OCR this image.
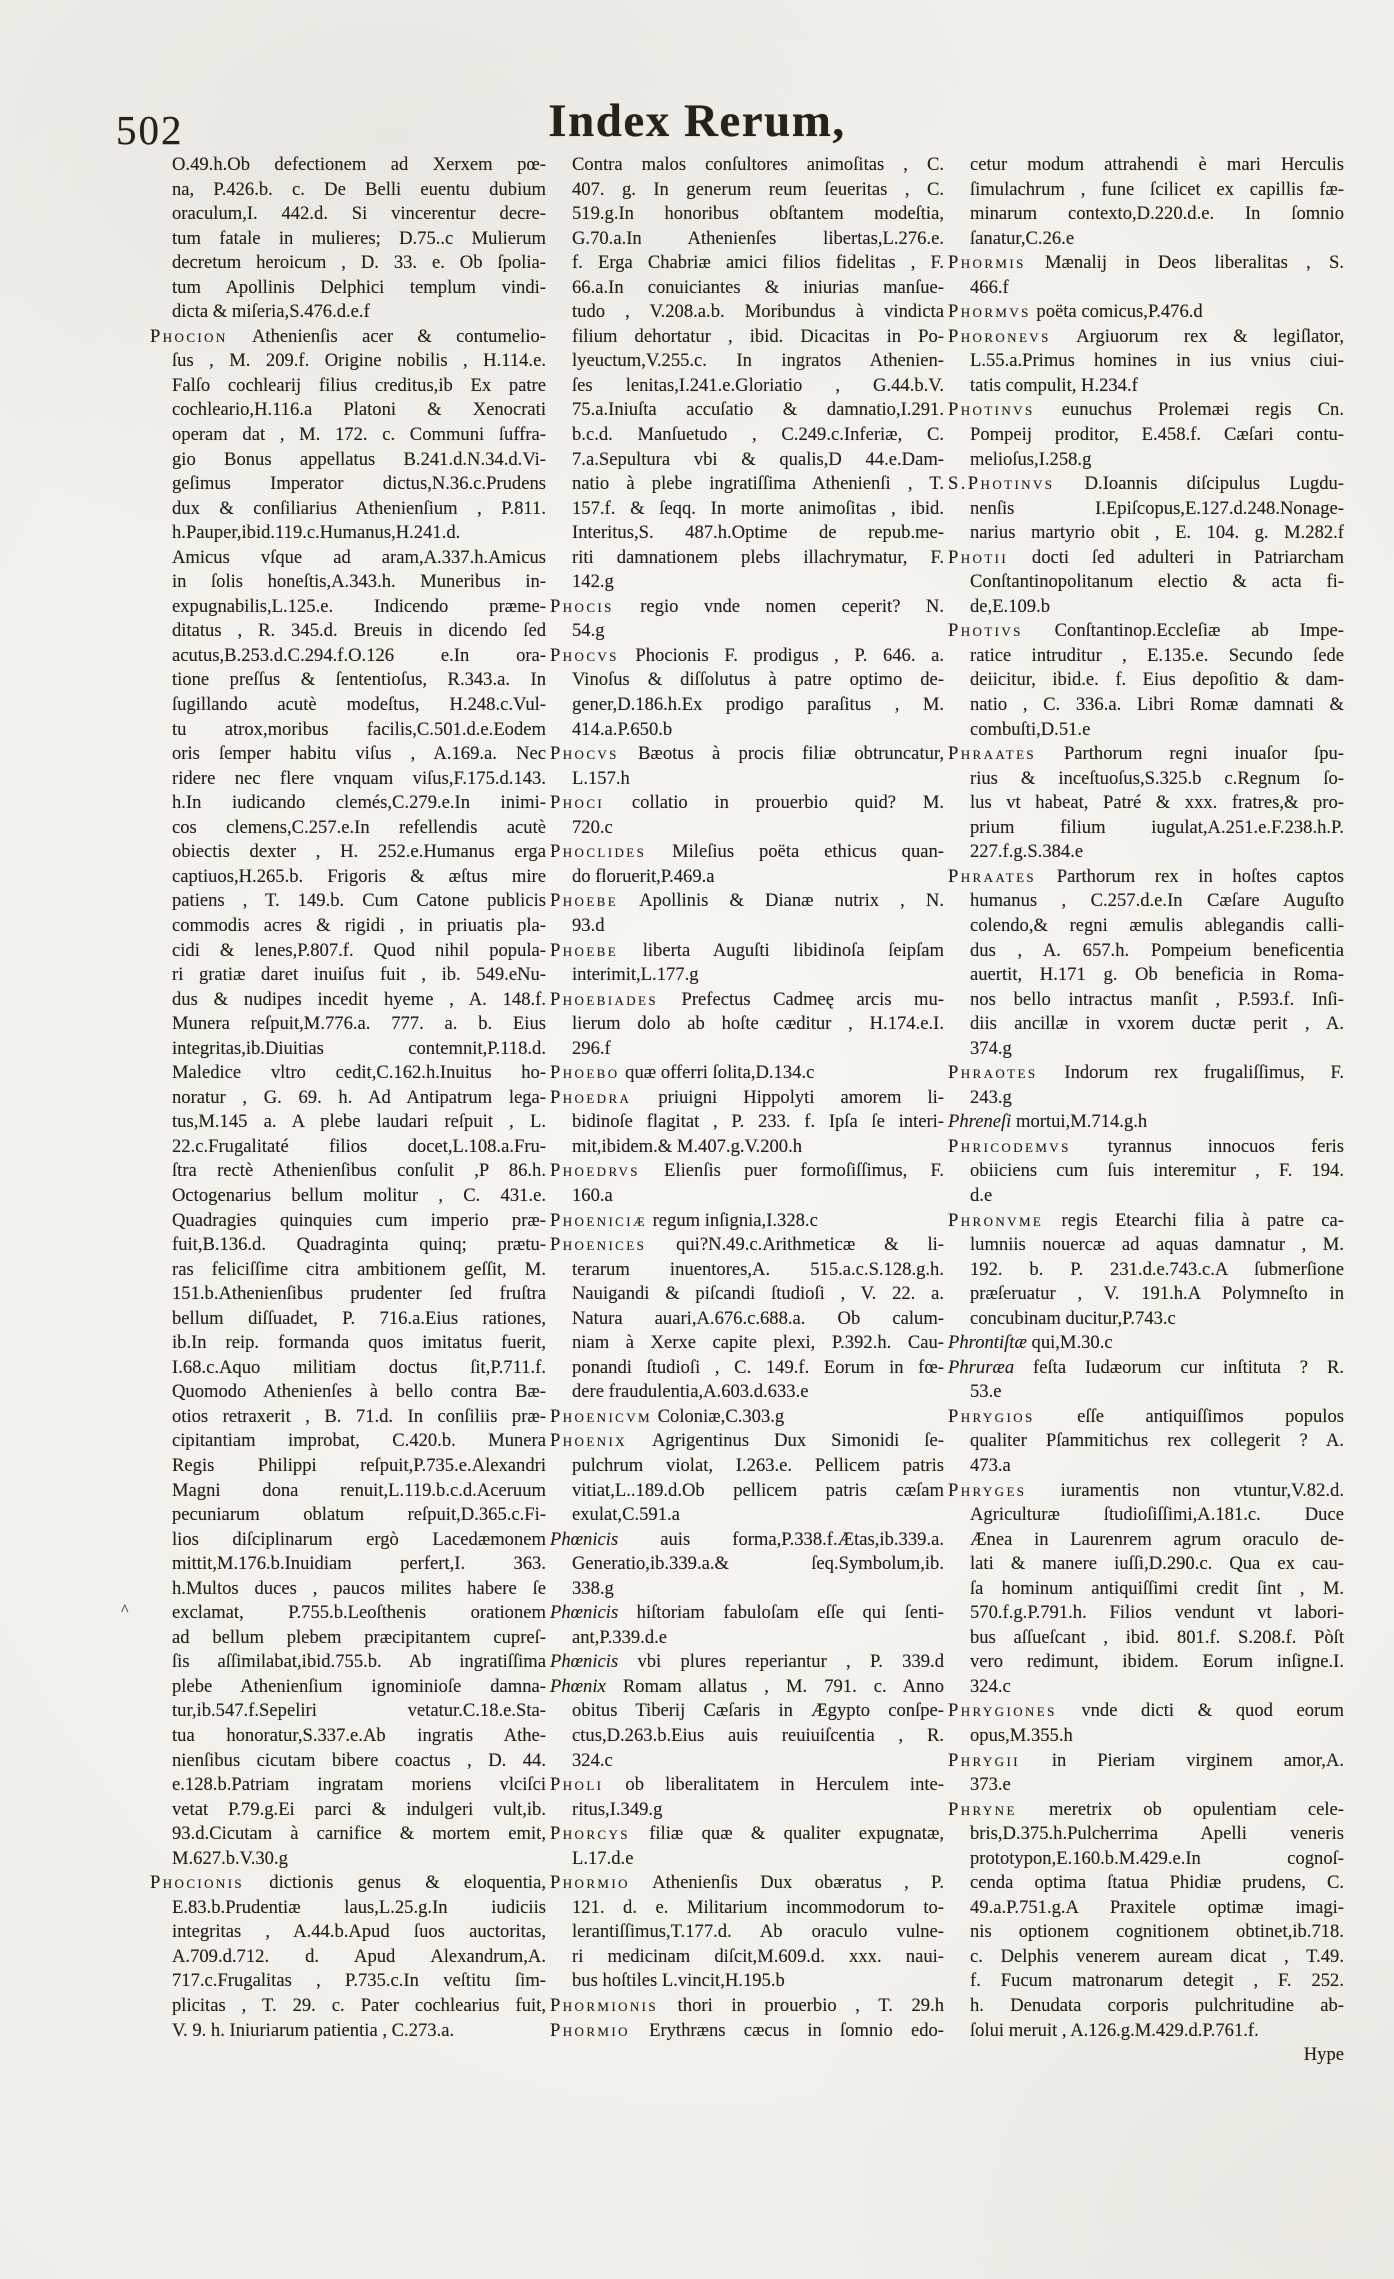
502	Index Rerum,
O.49.h.Ob defectionem ad Xerxem pœ-
na, P.426.b. c. De Belli euentu dubium
oraculum,I. 442.d. Si vincerentur decre-
tum fatale in mulieres; D.75..c Mulierum
decretum heroicum , D. 33. e. Ob ſpolia-
tum Apollinis Delphici templum vindi-
dicta & miſeria,S.476.d.e.f
Phocion Athenienſis acer & contumelio-
ſus , M. 209.f. Origine nobilis , H.114.e.
Falſo cochlearij filius creditus,ib Ex patre
cochleario,H.116.a Platoni & Xenocrati
operam dat , M. 172. c. Communi ſuffra-
gio Bonus appellatus B.241.d.N.34.d.Vi-
geſimus Imperator dictus,N.36.c.Prudens
dux & conſiliarius Athenienſium , P.811.
h.Pauper,ibid.119.c.Humanus,H.241.d.
Amicus vſque ad aram,A.337.h.Amicus
in ſolis honeſtis,A.343.h. Muneribus in-
expugnabilis,L.125.e. Indicendo præme-
ditatus , R. 345.d. Breuis in dicendo ſed
acutus,B.253.d.C.294.f.O.126 e.In ora-
tione preſſus & ſententioſus, R.343.a. In
ſugillando acutè modeſtus, H.248.c.Vul-
tu atrox,moribus facilis,C.501.d.e.Eodem
oris ſemper habitu viſus , A.169.a. Nec
ridere nec flere vnquam viſus,F.175.d.143.
h.In iudicando clemés,C.279.e.In inimi-
cos clemens,C.257.e.In refellendis acutè
obiectis dexter , H. 252.e.Humanus erga
captiuos,H.265.b. Frigoris & æſtus mire
patiens , T. 149.b. Cum Catone publicis
commodis acres & rigidi , in priuatis pla-
cidi & lenes,P.807.f. Quod nihil popula-
ri gratiæ daret inuiſus fuit , ib. 549.eNu-
dus & nudipes incedit hyeme , A. 148.f.
Munera reſpuit,M.776.a. 777. a. b. Eius
integritas,ib.Diuitias contemnit,P.118.d.
Maledice vltro cedit,C.162.h.Inuitus ho-
noratur , G. 69. h. Ad Antipatrum lega-
tus,M.145 a. A plebe laudari reſpuit , L.
22.c.Frugalitaté filios docet,L.108.a.Fru-
ſtra rectè Athenienſibus conſulit ,P 86.h.
Octogenarius bellum molitur , C. 431.e.
Quadragies quinquies cum imperio præ-
fuit,B.136.d. Quadraginta quinq; prætu-
ras feliciſſime citra ambitionem geſſit, M.
151.b.Athenienſibus prudenter ſed fruſtra
bellum diſſuadet, P. 716.a.Eius rationes,
ib.In reip. formanda quos imitatus fuerit,
I.68.c.Aquo militiam doctus ſit,P.711.f.
Quomodo Athenienſes à bello contra Bæ-
otios retraxerit , B. 71.d. In conſiliis præ-
cipitantiam improbat, C.420.b. Munera
Regis Philippi reſpuit,P.735.e.Alexandri
Magni dona renuit,L.119.b.c.d.Aceruum
pecuniarum oblatum reſpuit,D.365.c.Fi-
lios diſciplinarum ergò Lacedæmonem
mittit,M.176.b.Inuidiam perfert,I. 363.
h.Multos duces , paucos milites habere ſe
^ exclamat, P.755.b.Leoſthenis orationem
ad bellum plebem præcipitantem cupreſ-
ſis aſſimilabat,ibid.755.b. Ab ingratiſſima
plebe Athenienſium ignominioſe damna-
tur,ib.547.f.Sepeliri vetatur.C.18.e.Sta-
tua honoratur,S.337.e.Ab ingratis Athe-
nienſibus cicutam bibere coactus , D. 44.
e.128.b.Patriam ingratam moriens vlciſci
vetat P.79.g.Ei parci & indulgeri vult,ib.
93.d.Cicutam à carnifice & mortem emit,
M.627.b.V.30.g
Phocionis dictionis genus & eloquentia,
E.83.b.Prudentiæ laus,L.25.g.In iudiciis
integritas , A.44.b.Apud ſuos auctoritas,
A.709.d.712. d. Apud Alexandrum,A.
717.c.Frugalitas , P.735.c.In veſtitu ſim-
plicitas , T. 29. c. Pater cochlearius fuit,
V. 9. h. Iniuriarum patientia , C.273.a.
Contra malos conſultores animoſitas , C.
407. g. In generum reum ſeueritas , C.
519.g.In honoribus obſtantem modeſtia,
G.70.a.In Athenienſes libertas,L.276.e.
f. Erga Chabriæ amici filios fidelitas , F.
66.a.In conuiciantes & iniurias manſue-
tudo , V.208.a.b. Moribundus à vindicta
filium dehortatur , ibid. Dicacitas in Po-
lyeuctum,V.255.c. In ingratos Athenien-
ſes lenitas,I.241.e.Gloriatio , G.44.b.V.
75.a.Iniuſta accuſatio & damnatio,I.291.
b.c.d. Manſuetudo , C.249.c.Inferiæ, C.
7.a.Sepultura vbi & qualis,D 44.e.Dam-
natio à plebe ingratiſſima Athenienſi , T.
157.f. & ſeqq. In morte animoſitas , ibid.
Interitus,S. 487.h.Optime de repub.me-
riti damnationem plebs illachrymatur, F.
142.g
Phocis regio vnde nomen ceperit? N.
54.g
Phocvs Phocionis F. prodigus , P. 646. a.
Vinoſus & diſſolutus à patre optimo de-
gener,D.186.h.Ex prodigo paraſitus , M.
414.a.P.650.b
Phocvs Bæotus à procis filiæ obtruncatur,
L.157.h
Phoci collatio in prouerbio quid? M.
720.c
Phoclides Mileſius poëta ethicus quan-
do floruerit,P.469.a
Phoebe Apollinis & Dianæ nutrix , N.
93.d
Phoebe liberta Auguſti libidinoſa ſeipſam
interimit,L.177.g
Phoebiades Prefectus Cadmeę arcis mu-
lierum dolo ab hoſte cæditur , H.174.e.I.
296.f
Phoebo quæ offerri ſolita,D.134.c
Phoedra priuigni Hippolyti amorem li-
bidinoſe flagitat , P. 233. f. Ipſa ſe interi-
mit,ibidem.& M.407.g.V.200.h
Phoedrvs Elienſis puer formoſiſſimus, F.
160.a
Phoeniciæ regum inſignia,I.328.c
Phoenices qui?N.49.c.Arithmeticæ & li-
terarum inuentores,A. 515.a.c.S.128.g.h.
Nauigandi & piſcandi ſtudioſi , V. 22. a.
Natura auari,A.676.c.688.a. Ob calum-
niam à Xerxe capite plexi, P.392.h. Cau-
ponandi ſtudioſi , C. 149.f. Eorum in fœ-
dere fraudulentia,A.603.d.633.e
Phoenicvm Coloniæ,C.303.g
Phoenix Agrigentinus Dux Simonidi ſe-
pulchrum violat, I.263.e. Pellicem patris
vitiat,L..189.d.Ob pellicem patris cæſam
exulat,C.591.a
Phœnicis auis forma,P.338.f.Ætas,ib.339.a.
Generatio,ib.339.a.& ſeq.Symbolum,ib.
338.g
Phœnicis hiſtoriam fabuloſam eſſe qui ſenti-
ant,P.339.d.e
Phœnicis vbi plures reperiantur , P. 339.d
Phœnix Romam allatus , M. 791. c. Anno
obitus Tiberij Cæſaris in Ægypto conſpe-
ctus,D.263.b.Eius auis reuiuiſcentia , R.
324.c
Pholi ob liberalitatem in Herculem inte-
ritus,I.349.g
Phorcys filiæ quæ & qualiter expugnatæ,
L.17.d.e
Phormio Athenienſis Dux obæratus , P.
121. d. e. Militarium incommodorum to-
lerantiſſimus,T.177.d. Ab oraculo vulne-
ri medicinam diſcit,M.609.d. xxx. naui-
bus hoſtiles L.vincit,H.195.b
Phormionis thori in prouerbio , T. 29.h
Phormio Erythræns cæcus in ſomnio edo-
cetur modum attrahendi è mari Herculis
ſimulachrum , fune ſcilicet ex capillis fæ-
minarum contexto,D.220.d.e. In ſomnio
ſanatur,C.26.e
Phormis Mænalij in Deos liberalitas , S.
466.f
Phormvs poëta comicus,P.476.d
Phoronevs Argiuorum rex & legiſlator,
L.55.a.Primus homines in ius vnius ciui-
tatis compulit, H.234.f
Photinvs eunuchus Prolemæi regis Cn.
Pompeij proditor, E.458.f. Cæſari contu-
melioſus,I.258.g
S.Photinvs D.Ioannis diſcipulus Lugdu-
nenſis I.Epiſcopus,E.127.d.248.Nonage-
narius martyrio obit , E. 104. g. M.282.f
Photii docti ſed adulteri in Patriarcham
Conſtantinopolitanum electio & acta fi-
de,E.109.b
Photivs Conſtantinop.Eccleſiæ ab Impe-
ratice intruditur , E.135.e. Secundo ſede
deiicitur, ibid.e. f. Eius depoſitio & dam-
natio , C. 336.a. Libri Romæ damnati &
combuſti,D.51.e
Phraates Parthorum regni inuaſor ſpu-
rius & inceſtuoſus,S.325.b c.Regnum ſo-
lus vt habeat, Patré & xxx. fratres,& pro-
prium filium iugulat,A.251.e.F.238.h.P.
227.f.g.S.384.e
Phraates Parthorum rex in hoſtes captos
humanus , C.257.d.e.In Cæſare Auguſto
colendo,& regni æmulis ablegandis calli-
dus , A. 657.h. Pompeium beneficentia
auertit, H.171 g. Ob beneficia in Roma-
nos bello intractus manſit , P.593.f. Inſi-
diis ancillæ in vxorem ductæ perit , A.
374.g
Phraotes Indorum rex frugaliſſimus, F.
243.g
Phreneſi mortui,M.714.g.h
Phricodemvs tyrannus innocuos feris
obiiciens cum ſuis interemitur , F. 194.
d.e
Phronvme regis Etearchi filia à patre ca-
lumniis nouercæ ad aquas damnatur , M.
192. b. P. 231.d.e.743.c.A ſubmerſione
præſeruatur , V. 191.h.A Polymneſto in
concubinam ducitur,P.743.c
Phrontiſtæ qui,M.30.c
Phruræa feſta Iudæorum cur inſtituta ? R.
53.e
Phrygios eſſe antiquiſſimos populos
qualiter Pſammitichus rex collegerit ? A.
473.a
Phryges iuramentis non vtuntur,V.82.d.
Agriculturæ ſtudioſiſſimi,A.181.c. Duce
Ænea in Laurenrem agrum oraculo de-
lati & manere iuſſi,D.290.c. Qua ex cau-
ſa hominum antiquiſſimi credit ſint , M.
570.f.g.P.791.h. Filios vendunt vt labori-
bus aſſueſcant , ibid. 801.f. S.208.f. Pòſt
vero redimunt, ibidem. Eorum inſigne.I.
324.c
Phrygiones vnde dicti & quod eorum
opus,M.355.h
Phrygii in Pieriam virginem amor,A.
373.e
Phryne meretrix ob opulentiam cele-
bris,D.375.h.Pulcherrima Apelli veneris
prototypon,E.160.b.M.429.e.In cognoſ-
cenda optima ſtatua Phidiæ prudens, C.
49.a.P.751.g.A Praxitele optimæ imagi-
nis optionem cognitionem obtinet,ib.718.
c. Delphis venerem auream dicat , T.49.
f. Fucum matronarum detegit , F. 252.
h. Denudata corporis pulchritudine ab-
ſolui meruit , A.126.g.M.429.d.P.761.f.
Hype
